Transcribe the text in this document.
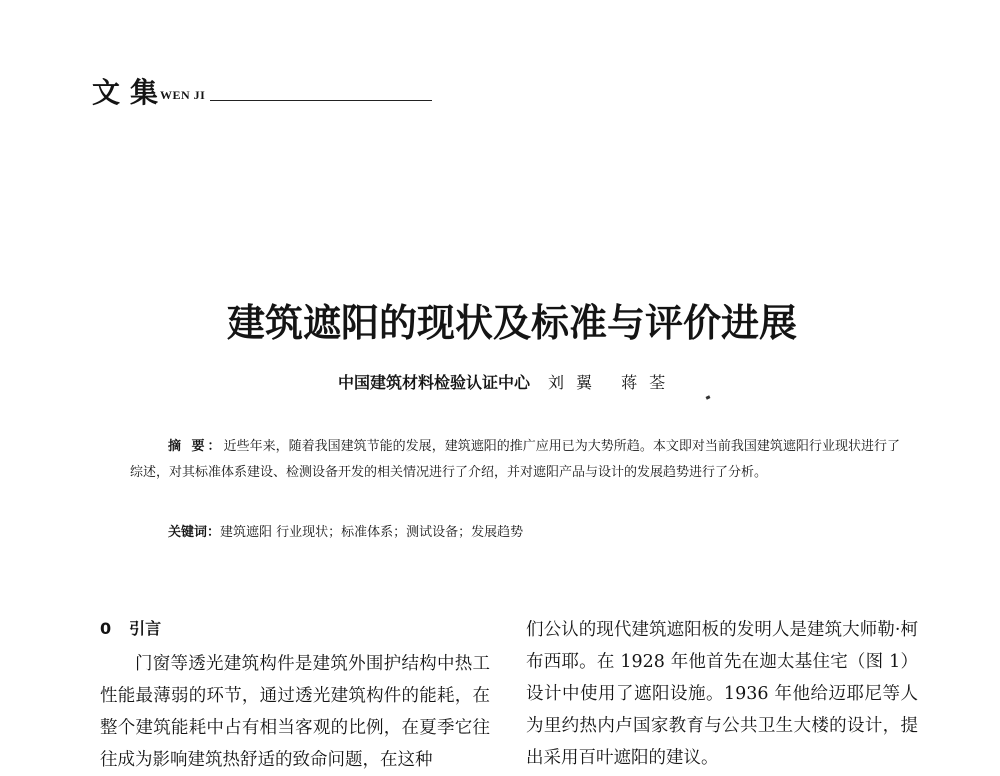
文集
WEN JI
建筑遮阳的现状及标准与评价进展
中国建筑材料检验认证中心 刘翼 蒋荃

摘 要：近些年来，随着我国建筑节能的发展，建筑遮阳的推广应用已为大势所趋。本文即对当前我国建筑遮阳行业现状进行了综述，对其标准体系建设、检测设备开发的相关情况进行了介绍，并对遮阳产品与设计的发展趋势进行了分析。

关键词：建筑遮阳 行业现状；标准体系；测试设备；发展趋势
0 引言

门窗等透光建筑构件是建筑外围护结构中热工性能最薄弱的环节，通过透光建筑构件的能耗，在整个建筑能耗中占有相当客观的比例，在夏季它往往成为影响建筑热舒适的致命问题，在这种

们公认的现代建筑遮阳板的发明人是建筑大师勒·柯布西耶。在 1928 年他首先在迦太基住宅（图 1）设计中使用了遮阳设施。1936 年他给迈耶尼等人为里约热内卢国家教育与公共卫生大楼的设计，提出采用百叶遮阳的建议。
